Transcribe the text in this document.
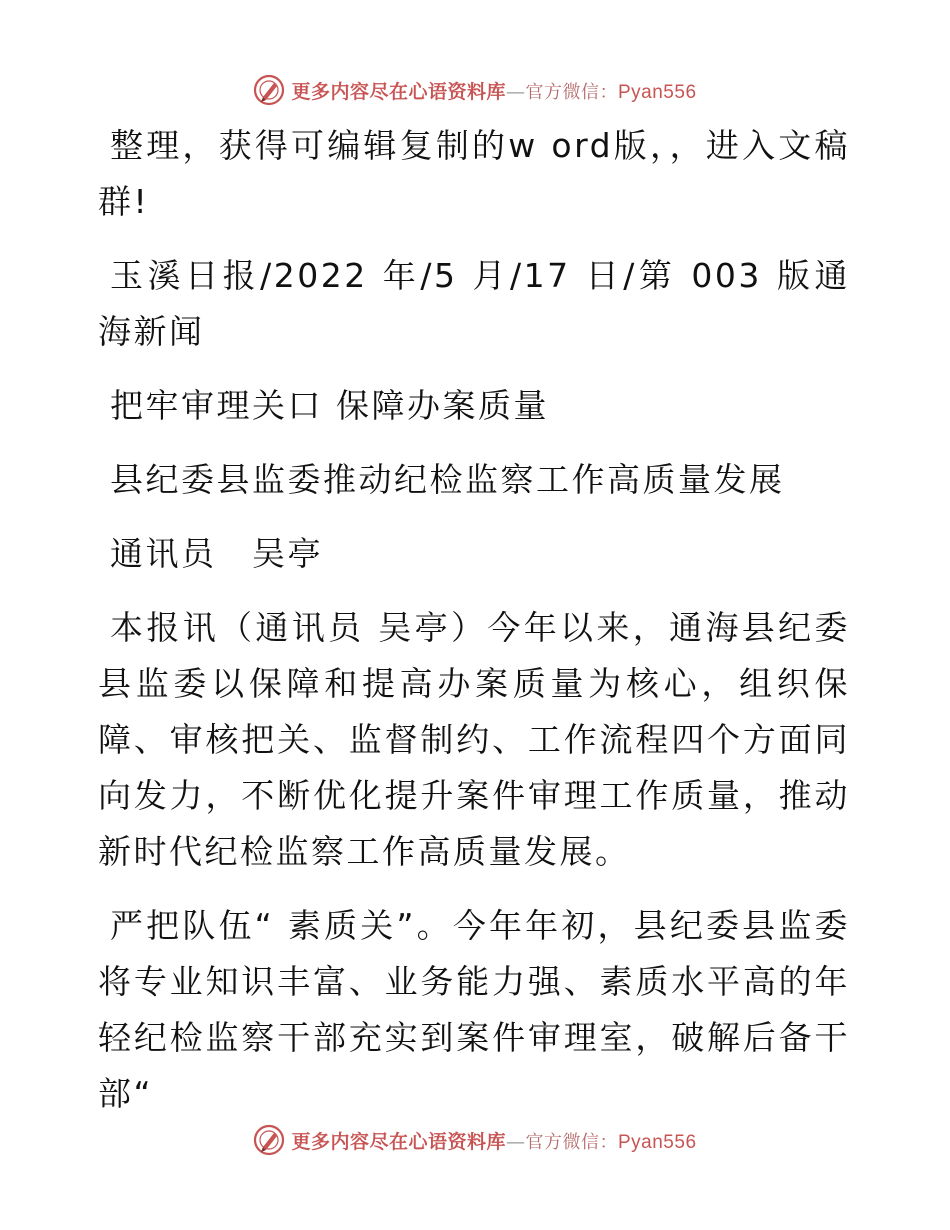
更多内容尽在心语资料库—官方微信：Pyan556

整理，获得可编辑复制的w ord版，，进入文稿群!

玉溪日报/2022 年/5 月/17 日/第 003 版通海新闻

把牢审理关口 保障办案质量

县纪委县监委推动纪检监察工作高质量发展

通讯员　吴亭

本报讯（通讯员 吴亭）今年以来，通海县纪委县监委以保障和提高办案质量为核心，组织保障、审核把关、监督制约、工作流程四个方面同向发力，不断优化提升案件审理工作质量，推动新时代纪检监察工作高质量发展。

严把队伍“ 素质关”。今年年初，县纪委县监委将专业知识丰富、业务能力强、素质水平高的年轻纪检监察干部充实到案件审理室，破解后备干部“

更多内容尽在心语资料库—官方微信：Pyan556
